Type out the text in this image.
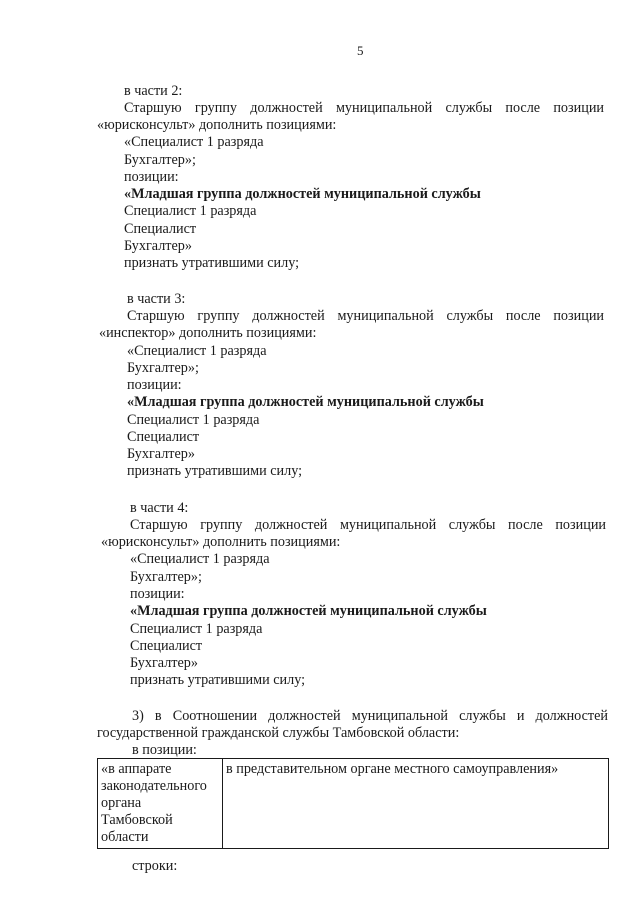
5
в части 2:
Старшую группу должностей муниципальной службы после позиции
«юрисконсульт» дополнить позициями:
«Специалист 1 разряда
Бухгалтер»;
позиции:
«Младшая группа должностей муниципальной службы
Специалист 1 разряда
Специалист
Бухгалтер»
признать утратившими силу;
в части 3:
Старшую группу должностей муниципальной службы после позиции
«инспектор» дополнить позициями:
«Специалист 1 разряда
Бухгалтер»;
позиции:
«Младшая группа должностей муниципальной службы
Специалист 1 разряда
Специалист
Бухгалтер»
признать утратившими силу;
в части 4:
Старшую группу должностей муниципальной службы после позиции
«юрисконсульт» дополнить позициями:
«Специалист 1 разряда
Бухгалтер»;
позиции:
«Младшая группа должностей муниципальной службы
Специалист 1 разряда
Специалист
Бухгалтер»
признать утратившими силу;
3) в Соотношении должностей муниципальной службы и должностей
государственной гражданской службы Тамбовской области:
в позиции:
«в аппарате
законодательного
органа
Тамбовской
области	в представительном органе местного самоуправления»
строки:
